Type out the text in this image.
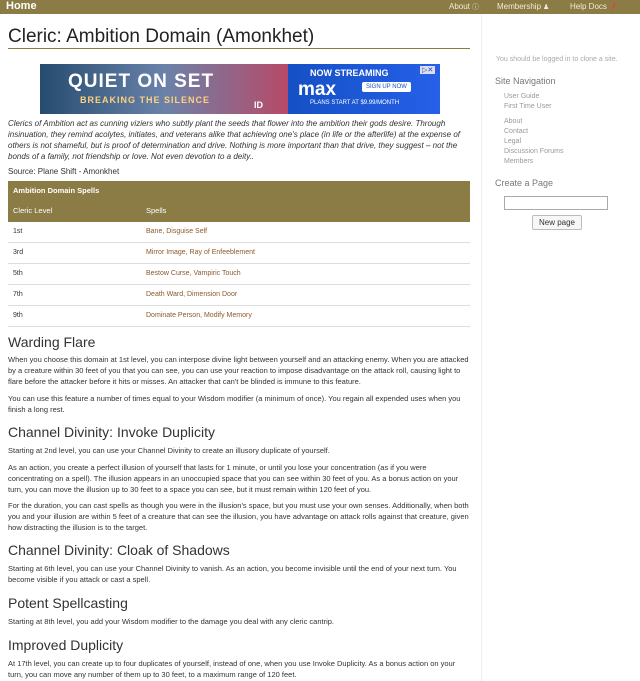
Home	About ⓘ Membership ♟	Help Docs ❓
Cleric: Ambition Domain (Amonkhet)
QUIET ON SET
BREAKING THE SILENCE	ID
NOW STREAMING
max	SIGN UP NOW
PLANS START AT $9.99/MONTH
▷✕

Clerics of Ambition act as cunning viziers who subtly plant the seeds that flower into the ambition their gods desire. Through insinuation, they remind acolytes, initiates, and veterans alike that achieving one's place (in life or the afterlife) at the expense of others is not shameful, but is proof of determination and drive. Nothing is more important than that drive, they suggest – not the bonds of a family, not friendship or love. Not even devotion to a deity..

Source: Plane Shift - Amonkhet
Ambition Domain Spells
Cleric Level	Spells
1st	Bane, Disguise Self
3rd	Mirror Image, Ray of Enfeeblement
5th	Bestow Curse, Vampiric Touch
7th	Death Ward, Dimension Door
9th	Dominate Person, Modify Memory
Warding Flare

When you choose this domain at 1st level, you can interpose divine light between yourself and an attacking enemy. When you are attacked by a creature within 30 feet of you that you can see, you can use your reaction to impose disadvantage on the attack roll, causing light to flare before the attacker before it hits or misses. An attacker that can't be blinded is immune to this feature.

You can use this feature a number of times equal to your Wisdom modifier (a minimum of once). You regain all expended uses when you finish a long rest.

Channel Divinity: Invoke Duplicity

Starting at 2nd level, you can use your Channel Divinity to create an illusory duplicate of yourself.

As an action, you create a perfect illusion of yourself that lasts for 1 minute, or until you lose your concentration (as if you were concentrating on a spell). The illusion appears in an unoccupied space that you can see within 30 feet of you. As a bonus action on your turn, you can move the illusion up to 30 feet to a space you can see, but it must remain within 120 feet of you.

For the duration, you can cast spells as though you were in the illusion's space, but you must use your own senses. Additionally, when both you and your illusion are within 5 feet of a creature that can see the illusion, you have advantage on attack rolls against that creature, given how distracting the illusion is to the target.

Channel Divinity: Cloak of Shadows

Starting at 6th level, you can use your Channel Divinity to vanish. As an action, you become invisible until the end of your next turn. You become visible if you attack or cast a spell.

Potent Spellcasting

Starting at 8th level, you add your Wisdom modifier to the damage you deal with any cleric cantrip.

Improved Duplicity

At 17th level, you can create up to four duplicates of yourself, instead of one, when you use Invoke Duplicity. As a bonus action on your turn, you can move any number of them up to 30 feet, to a maximum range of 120 feet.

You should be logged in to clone a site.
Site Navigation
User Guide
First Time User
About
Contact
Legal
Discussion Forums
Members
Create a Page
New page
